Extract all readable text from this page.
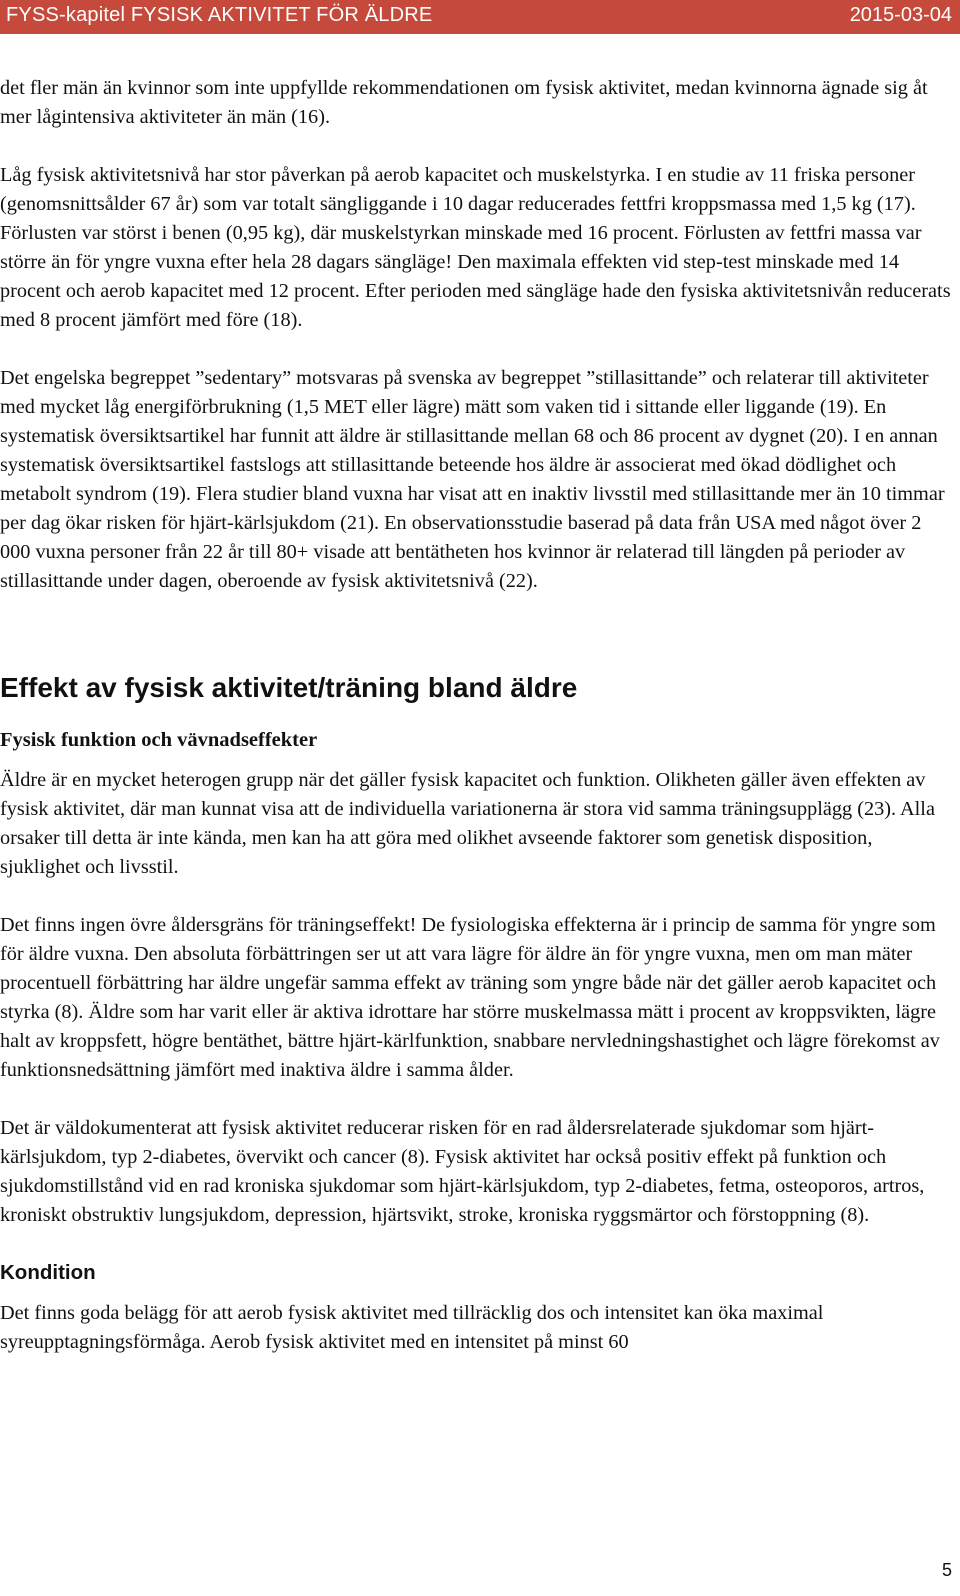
FYSS-kapitel FYSISK AKTIVITET FÖR ÄLDRE	2015-03-04

det fler män än kvinnor som inte uppfyllde rekommendationen om fysisk aktivitet, medan kvinnorna ägnade sig åt mer lågintensiva aktiviteter än män (16).

Låg fysisk aktivitetsnivå har stor påverkan på aerob kapacitet och muskelstyrka. I en studie av 11 friska personer (genomsnittsålder 67 år) som var totalt sängliggande i 10 dagar reducerades fettfri kroppsmassa med 1,5 kg (17). Förlusten var störst i benen (0,95 kg), där muskelstyrkan minskade med 16 procent. Förlusten av fettfri massa var större än för yngre vuxna efter hela 28 dagars sängläge! Den maximala effekten vid step-test minskade med 14 procent och aerob kapacitet med 12 procent. Efter perioden med sängläge hade den fysiska aktivitetsnivån reducerats med 8 procent jämfört med före (18).

Det engelska begreppet ”sedentary” motsvaras på svenska av begreppet ”stillasittande” och relaterar till aktiviteter med mycket låg energiförbrukning (1,5 MET eller lägre) mätt som vaken tid i sittande eller liggande (19). En systematisk översiktsartikel har funnit att äldre är stillasittande mellan 68 och 86 procent av dygnet (20). I en annan systematisk översiktsartikel fastslogs att stillasittande beteende hos äldre är associerat med ökad dödlighet och metabolt syndrom (19). Flera studier bland vuxna har visat att en inaktiv livsstil med stillasittande mer än 10 timmar per dag ökar risken för hjärt-kärlsjukdom (21). En observationsstudie baserad på data från USA med något över 2 000 vuxna personer från 22 år till 80+ visade att bentätheten hos kvinnor är relaterad till längden på perioder av stillasittande under dagen, oberoende av fysisk aktivitetsnivå (22).

Effekt av fysisk aktivitet/träning bland äldre
Fysisk funktion och vävnadseffekter

Äldre är en mycket heterogen grupp när det gäller fysisk kapacitet och funktion. Olikheten gäller även effekten av fysisk aktivitet, där man kunnat visa att de individuella variationerna är stora vid samma träningsupplägg (23). Alla orsaker till detta är inte kända, men kan ha att göra med olikhet avseende faktorer som genetisk disposition, sjuklighet och livsstil.

Det finns ingen övre åldersgräns för träningseffekt! De fysiologiska effekterna är i princip de samma för yngre som för äldre vuxna. Den absoluta förbättringen ser ut att vara lägre för äldre än för yngre vuxna, men om man mäter procentuell förbättring har äldre ungefär samma effekt av träning som yngre både när det gäller aerob kapacitet och styrka (8). Äldre som har varit eller är aktiva idrottare har större muskelmassa mätt i procent av kroppsvikten, lägre halt av kroppsfett, högre bentäthet, bättre hjärt-kärlfunktion, snabbare nervledningshastighet och lägre förekomst av funktionsnedsättning jämfört med inaktiva äldre i samma ålder.

Det är väldokumenterat att fysisk aktivitet reducerar risken för en rad åldersrelaterade sjukdomar som hjärt-kärlsjukdom, typ 2-diabetes, övervikt och cancer (8). Fysisk aktivitet har också positiv effekt på funktion och sjukdomstillstånd vid en rad kroniska sjukdomar som hjärt-kärlsjukdom, typ 2-diabetes, fetma, osteoporos, artros, kroniskt obstruktiv lungsjukdom, depression, hjärtsvikt, stroke, kroniska ryggsmärtor och förstoppning (8).

Kondition

Det finns goda belägg för att aerob fysisk aktivitet med tillräcklig dos och intensitet kan öka maximal syreupptagningsförmåga. Aerob fysisk aktivitet med en intensitet på minst 60

5
